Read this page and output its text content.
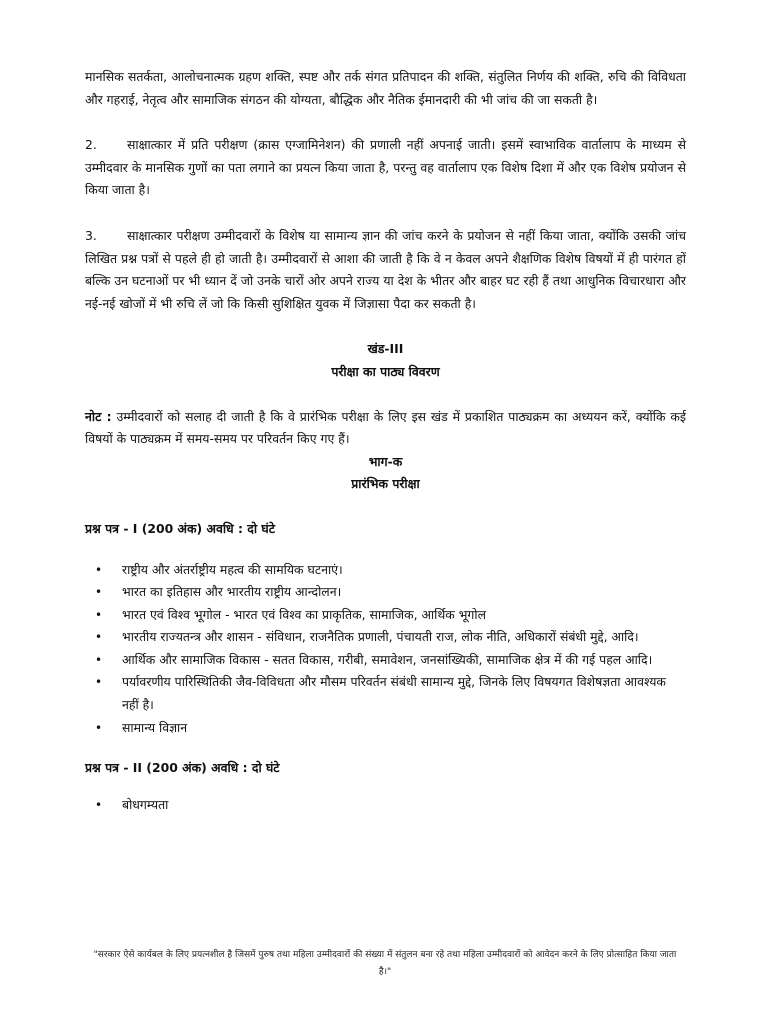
मानसिक सतर्कता, आलोचनात्मक ग्रहण शक्ति, स्पष्ट और तर्क संगत प्रतिपादन की शक्ति, संतुलित निर्णय की शक्ति, रुचि की विविधता और गहराई, नेतृत्व और सामाजिक संगठन की योग्यता, बौद्धिक और नैतिक ईमानदारी की भी जांच की जा सकती है।

2. साक्षात्कार में प्रति परीक्षण (क्रास एग्जामिनेशन) की प्रणाली नहीं अपनाई जाती। इसमें स्वाभाविक वार्तालाप के माध्यम से उम्मीदवार के मानसिक गुणों का पता लगाने का प्रयत्न किया जाता है, परन्तु वह वार्तालाप एक विशेष दिशा में और एक विशेष प्रयोजन से किया जाता है।

3. साक्षात्कार परीक्षण उम्मीदवारों के विशेष या सामान्य ज्ञान की जांच करने के प्रयोजन से नहीं किया जाता, क्योंकि उसकी जांच लिखित प्रश्न पत्रों से पहले ही हो जाती है। उम्मीदवारों से आशा की जाती है कि वे न केवल अपने शैक्षणिक विशेष विषयों में ही पारंगत हों बल्कि उन घटनाओं पर भी ध्यान दें जो उनके चारों ओर अपने राज्य या देश के भीतर और बाहर घट रही हैं तथा आधुनिक विचारधारा और नई-नई खोजों में भी रुचि लें जो कि किसी सुशिक्षित युवक में जिज्ञासा पैदा कर सकती है।

खंड-III

परीक्षा का पाठ्य विवरण

नोट : उम्मीदवारों को सलाह दी जाती है कि वे प्रारंभिक परीक्षा के लिए इस खंड में प्रकाशित पाठ्यक्रम का अध्ययन करें, क्योंकि कई विषयों के पाठ्यक्रम में समय-समय पर परिवर्तन किए गए हैं।

भाग-क

प्रारंभिक परीक्षा

प्रश्न पत्र - I (200 अंक) अवधि : दो घंटे

• राष्ट्रीय और अंतर्राष्ट्रीय महत्व की सामयिक घटनाएं।
• भारत का इतिहास और भारतीय राष्ट्रीय आन्दोलन।
• भारत एवं विश्व भूगोल - भारत एवं विश्व का प्राकृतिक, सामाजिक, आर्थिक भूगोल
• भारतीय राज्यतन्त्र और शासन - संविधान, राजनैतिक प्रणाली, पंचायती राज, लोक नीति, अधिकारों संबंधी मुद्दे, आदि।
• आर्थिक और सामाजिक विकास - सतत विकास, गरीबी, समावेशन, जनसांख्यिकी, सामाजिक क्षेत्र में की गई पहल आदि।
• पर्यावरणीय पारिस्थितिकी जैव-विविधता और मौसम परिवर्तन संबंधी सामान्य मुद्दे, जिनके लिए विषयगत विशेषज्ञता आवश्यक नहीं है।
• सामान्य विज्ञान

प्रश्न पत्र - II (200 अंक) अवधि : दो घंटे

• बोधगम्यता
"सरकार ऐसे कार्यबल के लिए प्रयत्नशील है जिसमें पुरुष तथा महिला उम्मीदवारों की संख्या में संतुलन बना रहे तथा महिला उम्मीदवारों को आवेदन करने के लिए प्रोत्साहित किया जाता है।"
